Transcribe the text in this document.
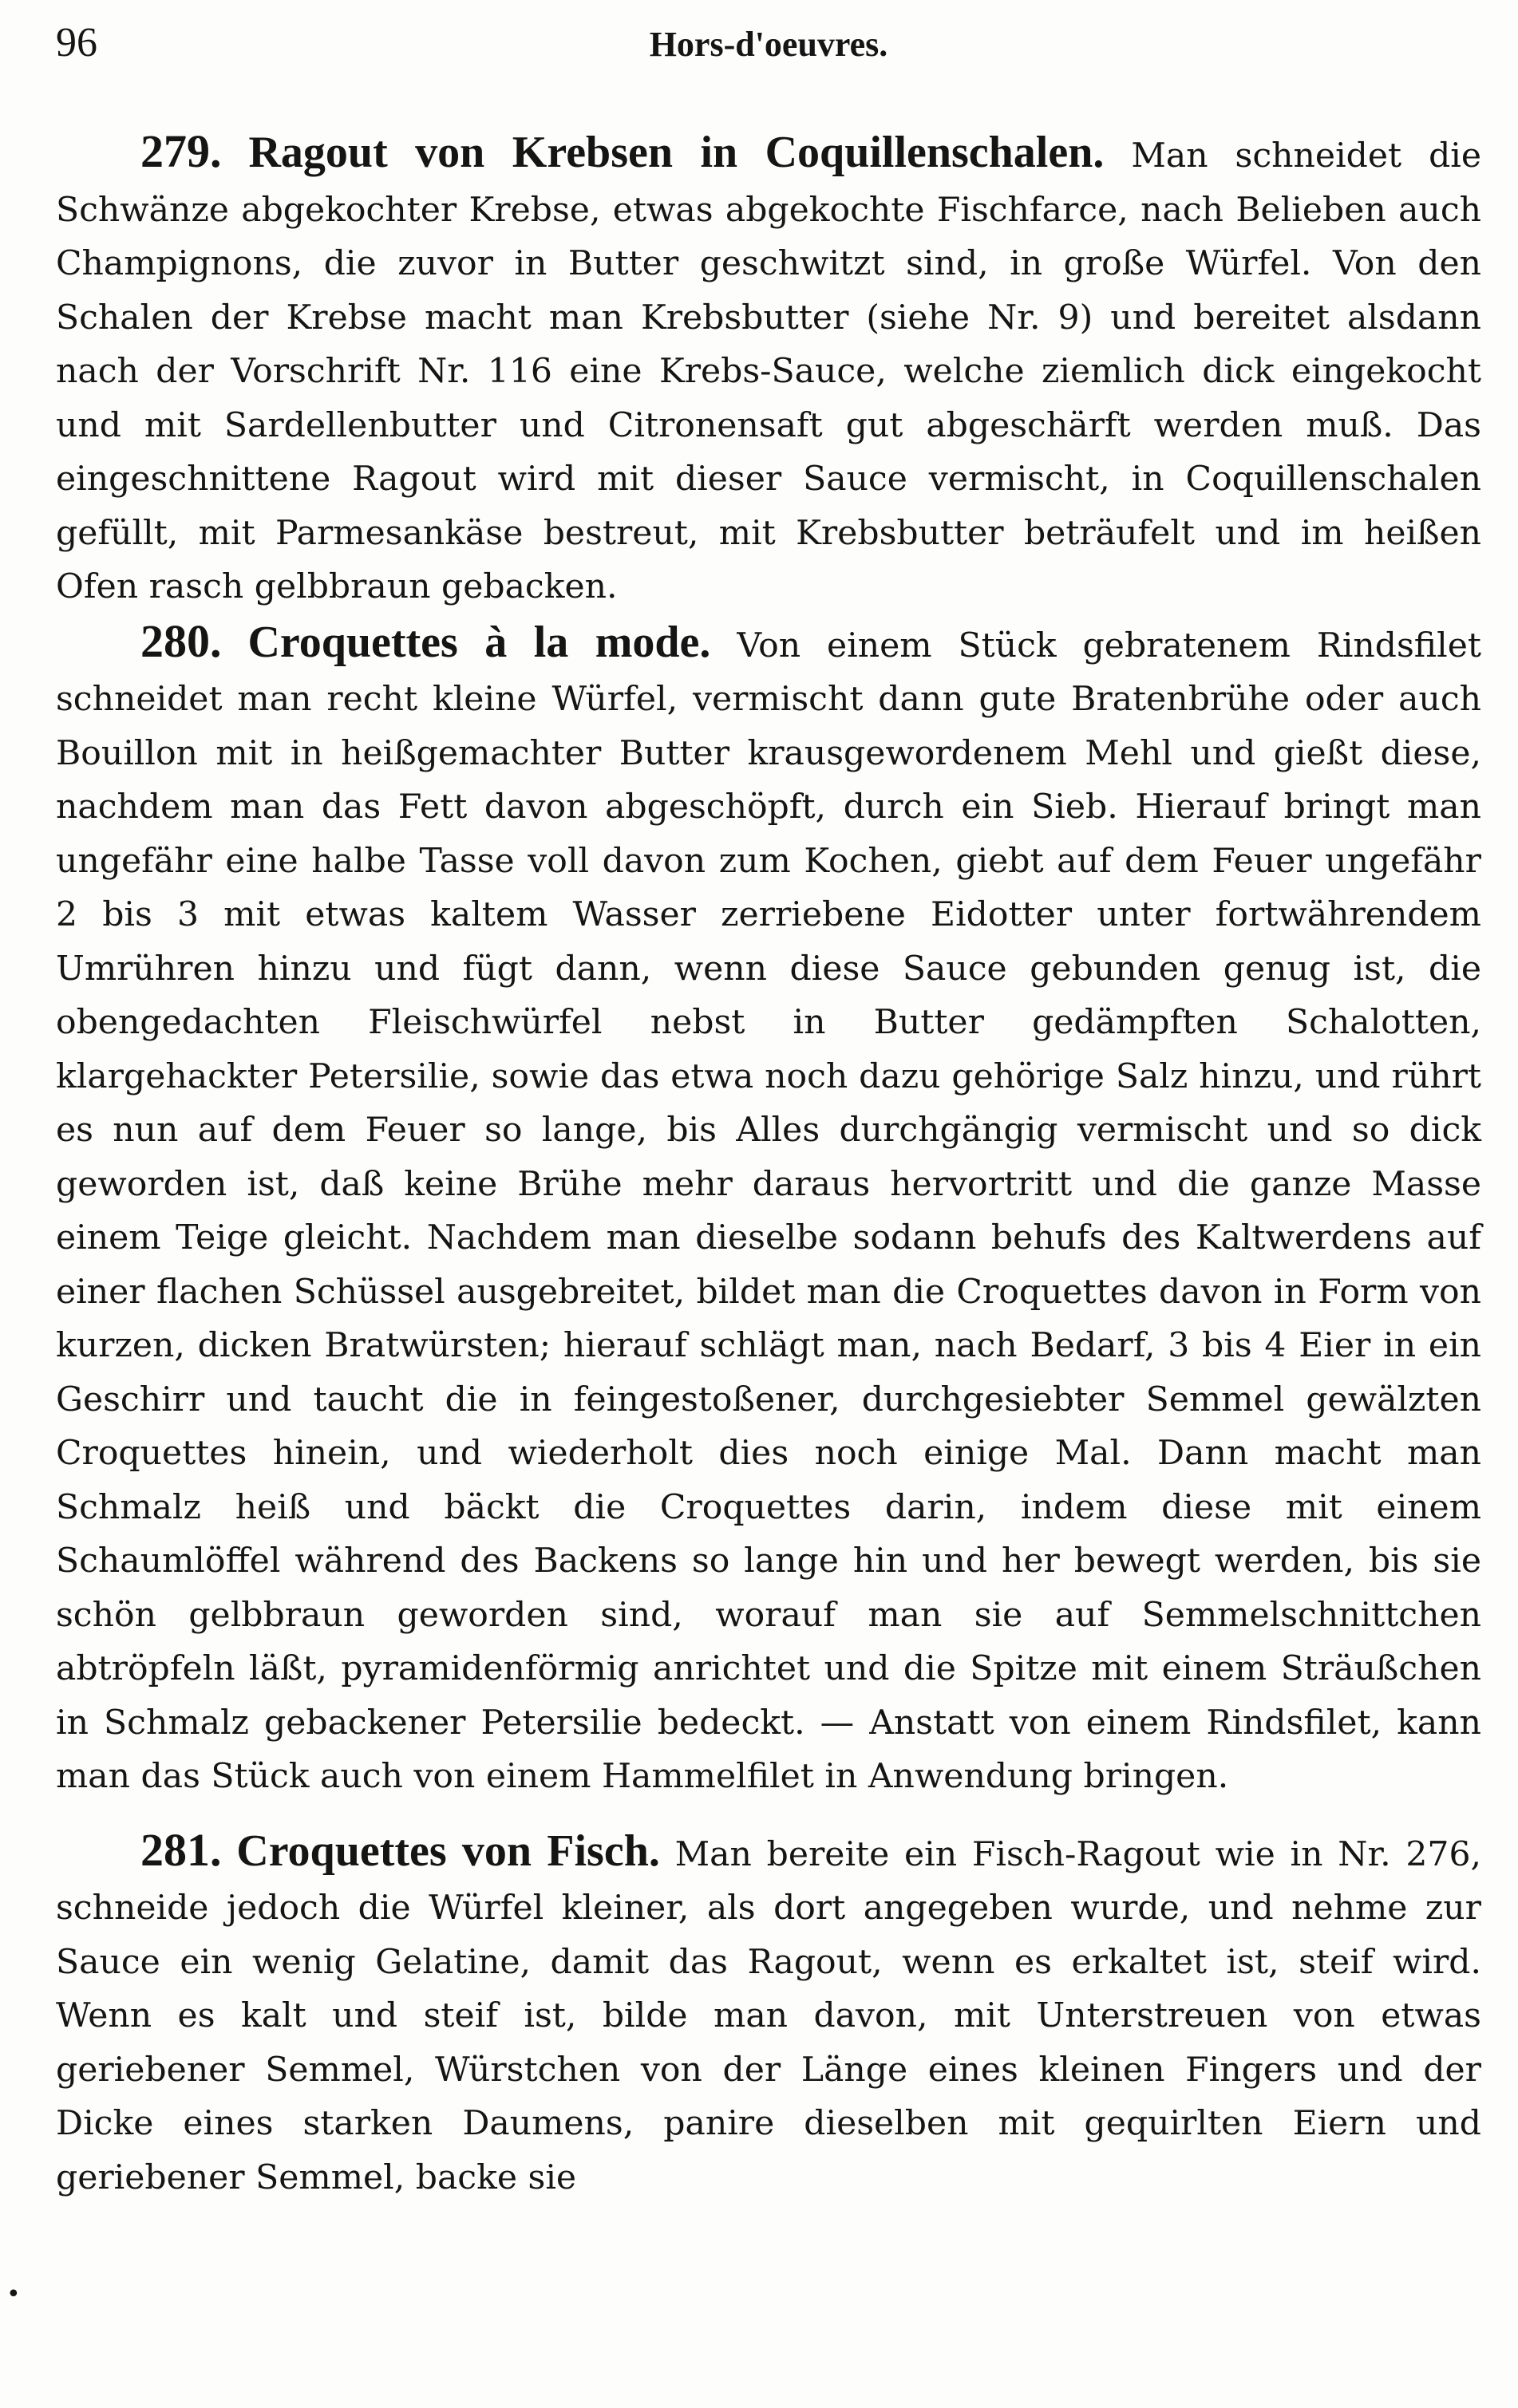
96	Hors-d'oeuvres.

279. Ragout von Krebsen in Coquillenschalen. Man schneidet die Schwänze abgekochter Krebse, etwas abgekochte Fischfarce, nach Belieben auch Champignons, die zuvor in Butter geschwitzt sind, in große Würfel. Von den Schalen der Krebse macht man Krebsbutter (siehe Nr. 9) und bereitet alsdann nach der Vorschrift Nr. 116 eine Krebs-Sauce, welche ziemlich dick eingekocht und mit Sardellenbutter und Citronensaft gut abgeschärft werden muß. Das eingeschnittene Ragout wird mit dieser Sauce vermischt, in Coquillenschalen gefüllt, mit Parmesankäse bestreut, mit Krebsbutter beträufelt und im heißen Ofen rasch gelbbraun gebacken.

280. Croquettes à la mode. Von einem Stück gebratenem Rindsfilet schneidet man recht kleine Würfel, vermischt dann gute Bratenbrühe oder auch Bouillon mit in heißgemachter Butter krausgewordenem Mehl und gießt diese, nachdem man das Fett davon abgeschöpft, durch ein Sieb. Hierauf bringt man ungefähr eine halbe Tasse voll davon zum Kochen, giebt auf dem Feuer ungefähr 2 bis 3 mit etwas kaltem Wasser zerriebene Eidotter unter fortwährendem Umrühren hinzu und fügt dann, wenn diese Sauce gebunden genug ist, die obengedachten Fleischwürfel nebst in Butter gedämpften Schalotten, klargehackter Petersilie, sowie das etwa noch dazu gehörige Salz hinzu, und rührt es nun auf dem Feuer so lange, bis Alles durchgängig vermischt und so dick geworden ist, daß keine Brühe mehr daraus hervortritt und die ganze Masse einem Teige gleicht. Nachdem man dieselbe sodann behufs des Kaltwerdens auf einer flachen Schüssel ausgebreitet, bildet man die Croquettes davon in Form von kurzen, dicken Bratwürsten; hierauf schlägt man, nach Bedarf, 3 bis 4 Eier in ein Geschirr und taucht die in feingestoßener, durchgesiebter Semmel gewälzten Croquettes hinein, und wiederholt dies noch einige Mal. Dann macht man Schmalz heiß und bäckt die Croquettes darin, indem diese mit einem Schaumlöffel während des Backens so lange hin und her bewegt werden, bis sie schön gelbbraun geworden sind, worauf man sie auf Semmelschnittchen abtröpfeln läßt, pyramidenförmig anrichtet und die Spitze mit einem Sträußchen in Schmalz gebackener Petersilie bedeckt. — Anstatt von einem Rindsfilet, kann man das Stück auch von einem Hammelfilet in Anwendung bringen.

281. Croquettes von Fisch. Man bereite ein Fisch-Ragout wie in Nr. 276, schneide jedoch die Würfel kleiner, als dort angegeben wurde, und nehme zur Sauce ein wenig Gelatine, damit das Ragout, wenn es erkaltet ist, steif wird. Wenn es kalt und steif ist, bilde man davon, mit Unterstreuen von etwas geriebener Semmel, Würstchen von der Länge eines kleinen Fingers und der Dicke eines starken Daumens, panire dieselben mit gequirlten Eiern und geriebener Semmel, backe sie

•
